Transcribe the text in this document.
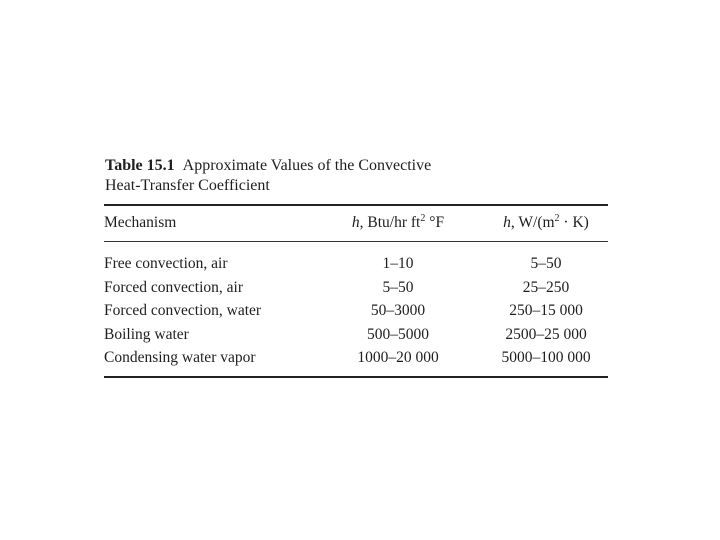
Table 15.1 Approximate Values of the Convective
Heat-Transfer Coefficient
Mechanism	h, Btu/hr $ft^2$ °F	h, $W/(m^2 \cdot K)$

Free convection, air	1–10	5–50
Forced convection, air	5–50	25–250
Forced convection, water	50–3000	250–15 000
Boiling water	500–5000	2500–25 000
Condensing water vapor	1000–20 000	5000–100 000
